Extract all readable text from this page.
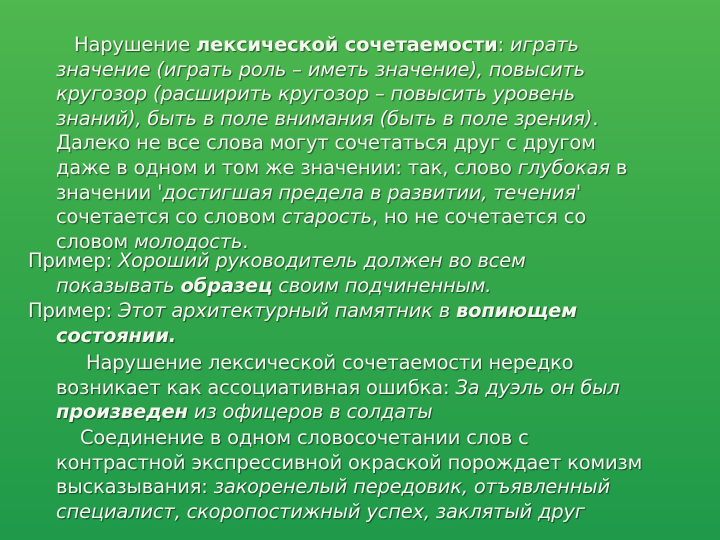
Нарушение лексической сочетаемости: играть
значение (играть роль – иметь значение), повысить
кругозор (расширить кругозор – повысить уровень
знаний), быть в поле внимания (быть в поле зрения).
Далеко не все слова могут сочетаться друг с другом
даже в одном и том же значении: так, слово глубокая в
значении 'достигшая предела в развитии, течения'
сочетается со словом старость, но не сочетается со
словом молодость.
Пример: Хороший руководитель должен во всем
показывать образец своим подчиненным.
Пример: Этот архитектурный памятник в вопиющем
состоянии.
Нарушение лексической сочетаемости нередко
возникает как ассоциативная ошибка: За дуэль он был
произведен из офицеров в солдаты
Соединение в одном словосочетании слов с
контрастной экспрессивной окраской порождает комизм
высказывания: закоренелый передовик, отъявленный
специалист, скоропостижный успех, заклятый друг
